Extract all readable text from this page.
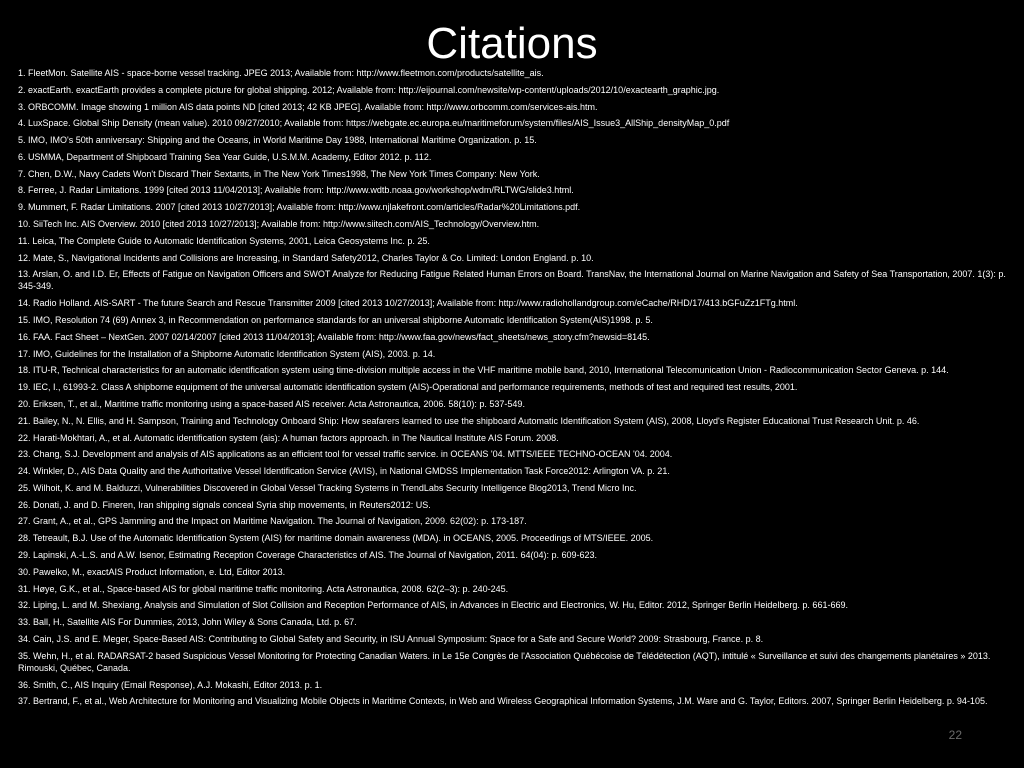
Citations
1. FleetMon. Satellite AIS - space-borne vessel tracking. JPEG 2013; Available from: http://www.fleetmon.com/products/satellite_ais.
2. exactEarth. exactEarth provides a complete picture for global shipping. 2012; Available from: http://eijournal.com/newsite/wp-content/uploads/2012/10/exactearth_graphic.jpg.
3. ORBCOMM. Image showing 1 million AIS data points ND [cited 2013; 42 KB JPEG]. Available from: http://www.orbcomm.com/services-ais.htm.
4. LuxSpace. Global Ship Density (mean value). 2010 09/27/2010; Available from: https://webgate.ec.europa.eu/maritimeforum/system/files/AIS_Issue3_AllShip_densityMap_0.pdf
5. IMO, IMO's 50th anniversary: Shipping and the Oceans, in World Maritime Day 1988, International Maritime Organization. p. 15.
6. USMMA, Department of Shipboard Training Sea Year Guide, U.S.M.M. Academy, Editor 2012. p. 112.
7. Chen, D.W., Navy Cadets Won't Discard Their Sextants, in The New York Times1998, The New York Times Company: New York.
8. Ferree, J. Radar Limitations. 1999 [cited 2013 11/04/2013]; Available from: http://www.wdtb.noaa.gov/workshop/wdm/RLTWG/slide3.html.
9. Mummert, F. Radar Limitations. 2007 [cited 2013 10/27/2013]; Available from: http://www.njlakefront.com/articles/Radar%20Limitations.pdf.
10. SiiTech Inc. AIS Overview. 2010 [cited 2013 10/27/2013]; Available from: http://www.siitech.com/AIS_Technology/Overview.htm.
11. Leica, The Complete Guide to Automatic Identification Systems, 2001, Leica Geosystems Inc. p. 25.
12. Mate, S., Navigational Incidents and Collisions are Increasing, in Standard Safety2012, Charles Taylor & Co. Limited: London England. p. 10.
13. Arslan, O. and I.D. Er, Effects of Fatigue on Navigation Officers and SWOT Analyze for Reducing Fatigue Related Human Errors on Board. TransNav, the International Journal on Marine Navigation and Safety of Sea Transportation, 2007. 1(3): p. 345-349.
14. Radio Holland. AIS-SART - The future Search and Rescue Transmitter 2009 [cited 2013 10/27/2013]; Available from: http://www.radiohollandgroup.com/eCache/RHD/17/413.bGFuZz1FTg.html.
15. IMO, Resolution 74 (69) Annex 3, in Recommendation on performance standards for an universal shipborne Automatic Identification System(AIS)1998. p. 5.
16. FAA. Fact Sheet – NextGen. 2007 02/14/2007 [cited 2013 11/04/2013]; Available from: http://www.faa.gov/news/fact_sheets/news_story.cfm?newsid=8145.
17. IMO, Guidelines for the Installation of a Shipborne Automatic Identification System (AIS), 2003. p. 14.
18. ITU-R, Technical characteristics for an automatic identification system using time-division multiple access in the VHF maritime mobile band, 2010, International Telecomunication Union - Radiocommunication Sector Geneva. p. 144.
19. IEC, I., 61993-2. Class A shipborne equipment of the universal automatic identification system (AIS)-Operational and performance requirements, methods of test and required test results, 2001.
20. Eriksen, T., et al., Maritime traffic monitoring using a space-based AIS receiver. Acta Astronautica, 2006. 58(10): p. 537-549.
21. Bailey, N., N. Ellis, and H. Sampson, Training and Technology Onboard Ship: How seafarers learned to use the shipboard Automatic Identification System (AIS), 2008, Lloyd's Register Educational Trust Research Unit. p. 46.
22. Harati-Mokhtari, A., et al. Automatic identification system (ais): A human factors approach. in The Nautical Institute AIS Forum. 2008.
23. Chang, S.J. Development and analysis of AIS applications as an efficient tool for vessel traffic service. in OCEANS '04. MTTS/IEEE TECHNO-OCEAN '04. 2004.
24. Winkler, D., AIS Data Quality and the Authoritative Vessel Identification Service (AVIS), in National GMDSS Implementation Task Force2012: Arlington VA. p. 21.
25. Wilhoit, K. and M. Balduzzi, Vulnerabilities Discovered in Global Vessel Tracking Systems in TrendLabs Security Intelligence Blog2013, Trend Micro Inc.
26. Donati, J. and D. Fineren, Iran shipping signals conceal Syria ship movements, in Reuters2012: US.
27. Grant, A., et al., GPS Jamming and the Impact on Maritime Navigation. The Journal of Navigation, 2009. 62(02): p. 173-187.
28. Tetreault, B.J. Use of the Automatic Identification System (AIS) for maritime domain awareness (MDA). in OCEANS, 2005. Proceedings of MTS/IEEE. 2005.
29. Lapinski, A.-L.S. and A.W. Isenor, Estimating Reception Coverage Characteristics of AIS. The Journal of Navigation, 2011. 64(04): p. 609-623.
30. Pawelko, M., exactAIS Product Information, e. Ltd, Editor 2013.
31. Høye, G.K., et al., Space-based AIS for global maritime traffic monitoring. Acta Astronautica, 2008. 62(2–3): p. 240-245.
32. Liping, L. and M. Shexiang, Analysis and Simulation of Slot Collision and Reception Performance of AIS, in Advances in Electric and Electronics, W. Hu, Editor. 2012, Springer Berlin Heidelberg. p. 661-669.
33. Ball, H., Satellite AIS For Dummies, 2013, John Wiley & Sons Canada, Ltd. p. 67.
34. Cain, J.S. and E. Meger, Space-Based AIS: Contributing to Global Safety and Security, in ISU Annual Symposium: Space for a Safe and Secure World? 2009: Strasbourg, France. p. 8.
35. Wehn, H., et al. RADARSAT-2 based Suspicious Vessel Monitoring for Protecting Canadian Waters. in Le 15e Congrès de l'Association Québécoise de Télédétection (AQT), intitulé « Surveillance et suivi des changements planétaires » 2013. Rimouski, Québec, Canada.
36. Smith, C., AIS Inquiry (Email Response), A.J. Mokashi, Editor 2013. p. 1.
37. Bertrand, F., et al., Web Architecture for Monitoring and Visualizing Mobile Objects in Maritime Contexts, in Web and Wireless Geographical Information Systems, J.M. Ware and G. Taylor, Editors. 2007, Springer Berlin Heidelberg. p. 94-105.
22
